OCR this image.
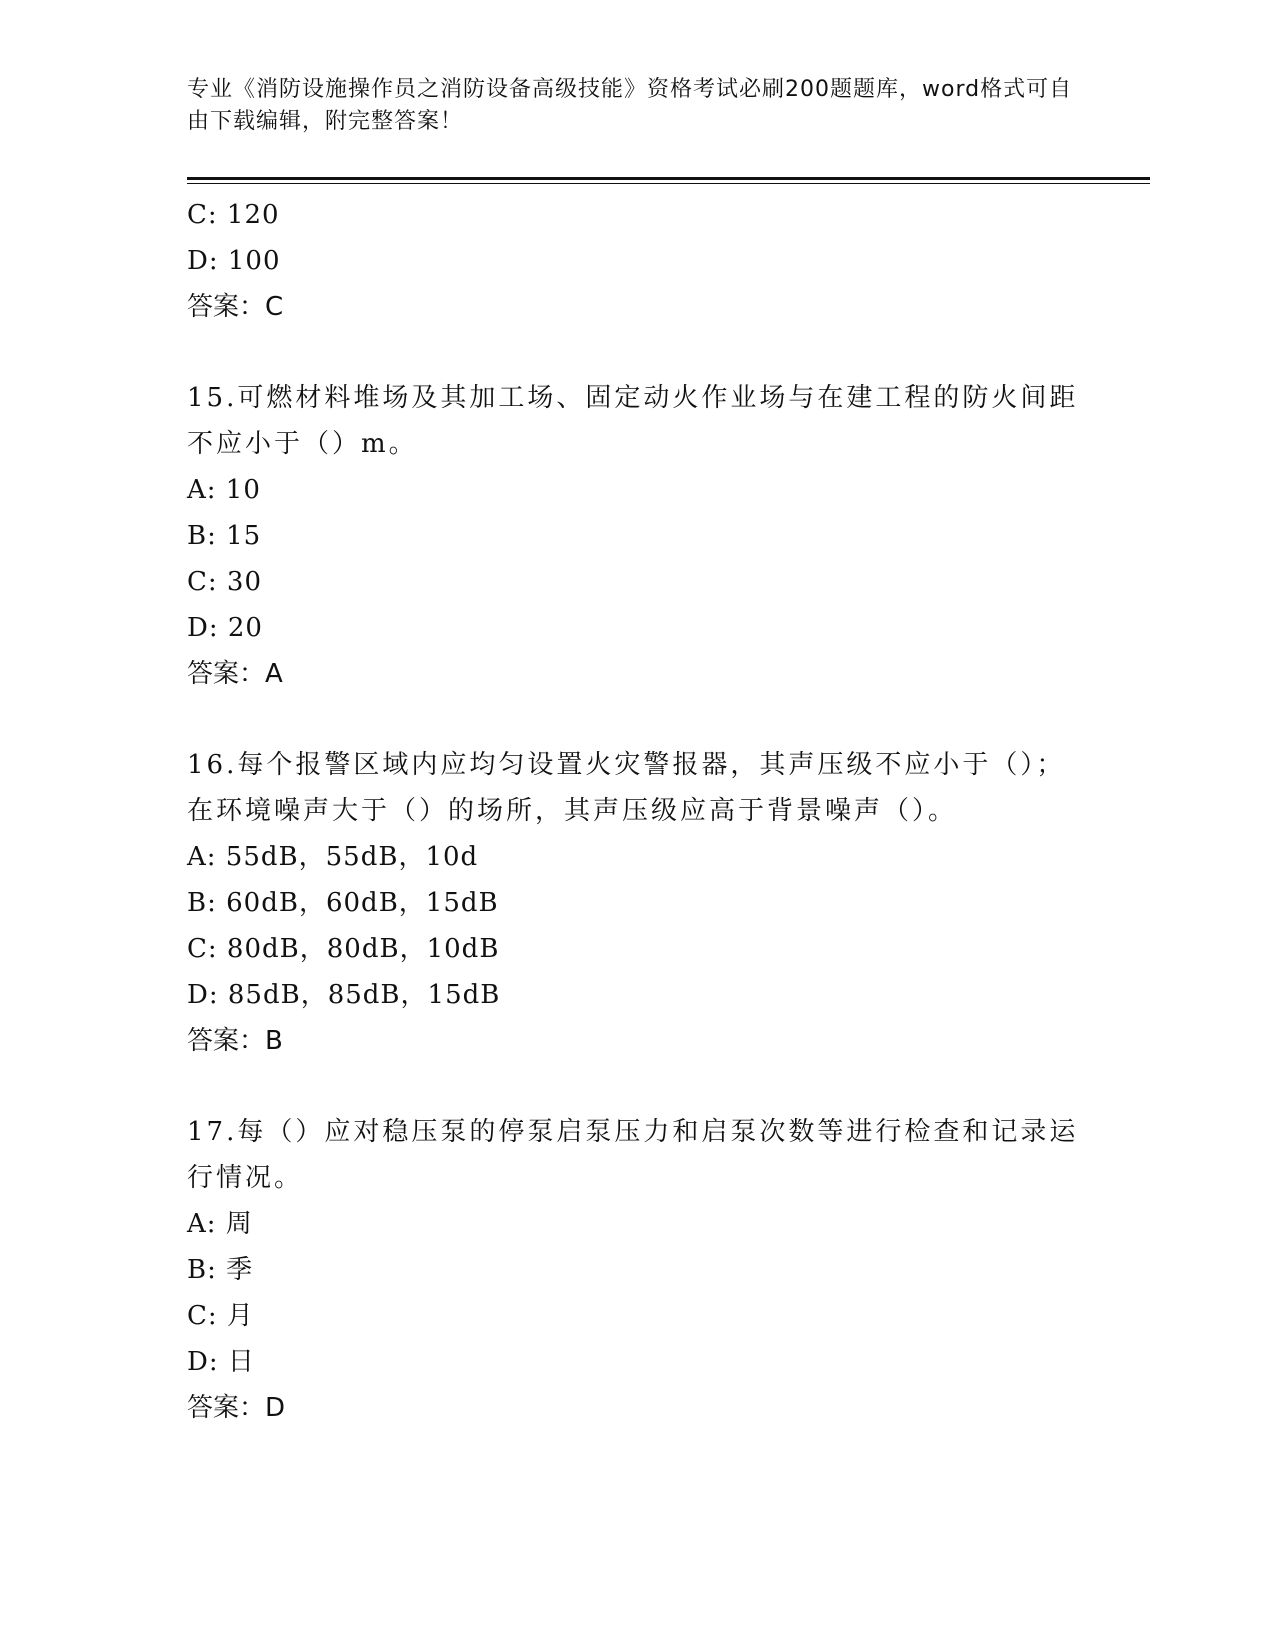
专业《消防设施操作员之消防设备高级技能》资格考试必刷200题题库，word格式可自由下载编辑，附完整答案！
C: 120
D: 100
答案：C
15.可燃材料堆场及其加工场、固定动火作业场与在建工程的防火间距不应小于（）m。
A: 10
B: 15
C: 30
D: 20
答案：A
16.每个报警区域内应均匀设置火灾警报器，其声压级不应小于（）；在环境噪声大于（）的场所，其声压级应高于背景噪声（）。
A: 55dB，55dB，10d
B: 60dB，60dB，15dB
C: 80dB，80dB，10dB
D: 85dB，85dB，15dB
答案：B
17.每（）应对稳压泵的停泵启泵压力和启泵次数等进行检查和记录运行情况。
A: 周
B: 季
C: 月
D: 日
答案：D
